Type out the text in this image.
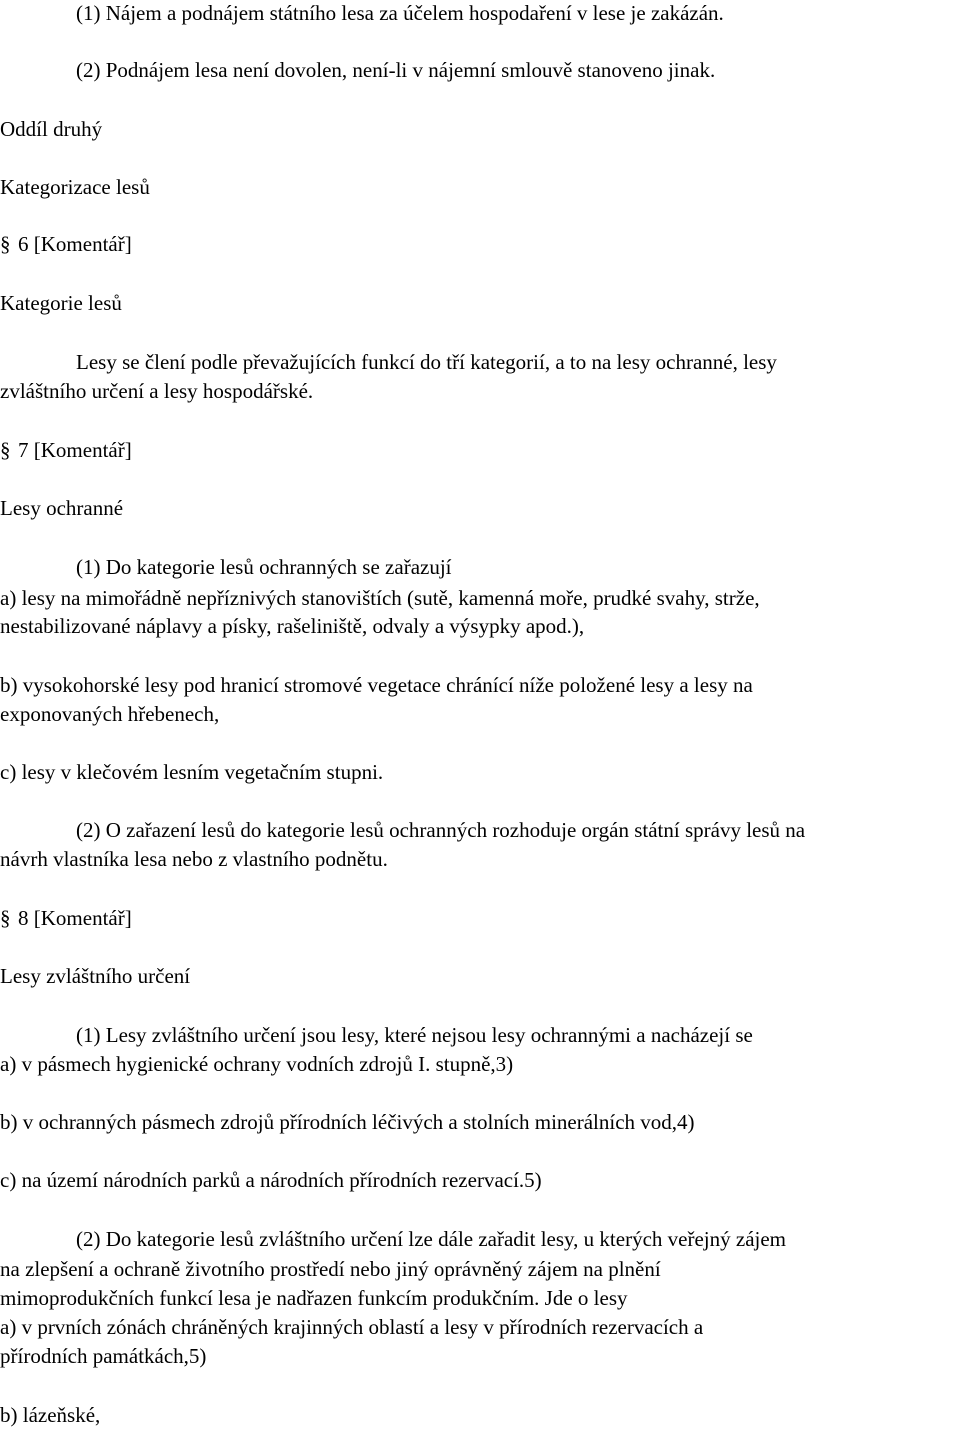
(1) Nájem a podnájem státního lesa za účelem hospodaření v lese je zakázán.
(2) Podnájem lesa není dovolen, není-li v nájemní smlouvě stanoveno jinak.
Oddíl druhý
Kategorizace lesů
§ 6 [Komentář]
Kategorie lesů
Lesy se člení podle převažujících funkcí do tří kategorií, a to na lesy ochranné, lesy
zvláštního určení a lesy hospodářské.
§ 7 [Komentář]
Lesy ochranné
(1) Do kategorie lesů ochranných se zařazují
a) lesy na mimořádně nepříznivých stanovištích (sutě, kamenná moře, prudké svahy, strže,
nestabilizované náplavy a písky, rašeliniště, odvaly a výsypky apod.),
b) vysokohorské lesy pod hranicí stromové vegetace chránící níže položené lesy a lesy na
exponovaných hřebenech,
c) lesy v klečovém lesním vegetačním stupni.
(2) O zařazení lesů do kategorie lesů ochranných rozhoduje orgán státní správy lesů na
návrh vlastníka lesa nebo z vlastního podnětu.
§ 8 [Komentář]
Lesy zvláštního určení
(1) Lesy zvláštního určení jsou lesy, které nejsou lesy ochrannými a nacházejí se
a) v pásmech hygienické ochrany vodních zdrojů I. stupně,3)
b) v ochranných pásmech zdrojů přírodních léčivých a stolních minerálních vod,4)
c) na území národních parků a národních přírodních rezervací.5)
(2) Do kategorie lesů zvláštního určení lze dále zařadit lesy, u kterých veřejný zájem
na zlepšení a ochraně životního prostředí nebo jiný oprávněný zájem na plnění
mimoprodukčních funkcí lesa je nadřazen funkcím produkčním. Jde o lesy
a) v prvních zónách chráněných krajinných oblastí a lesy v přírodních rezervacích a
přírodních památkách,5)
b) lázeňské,
